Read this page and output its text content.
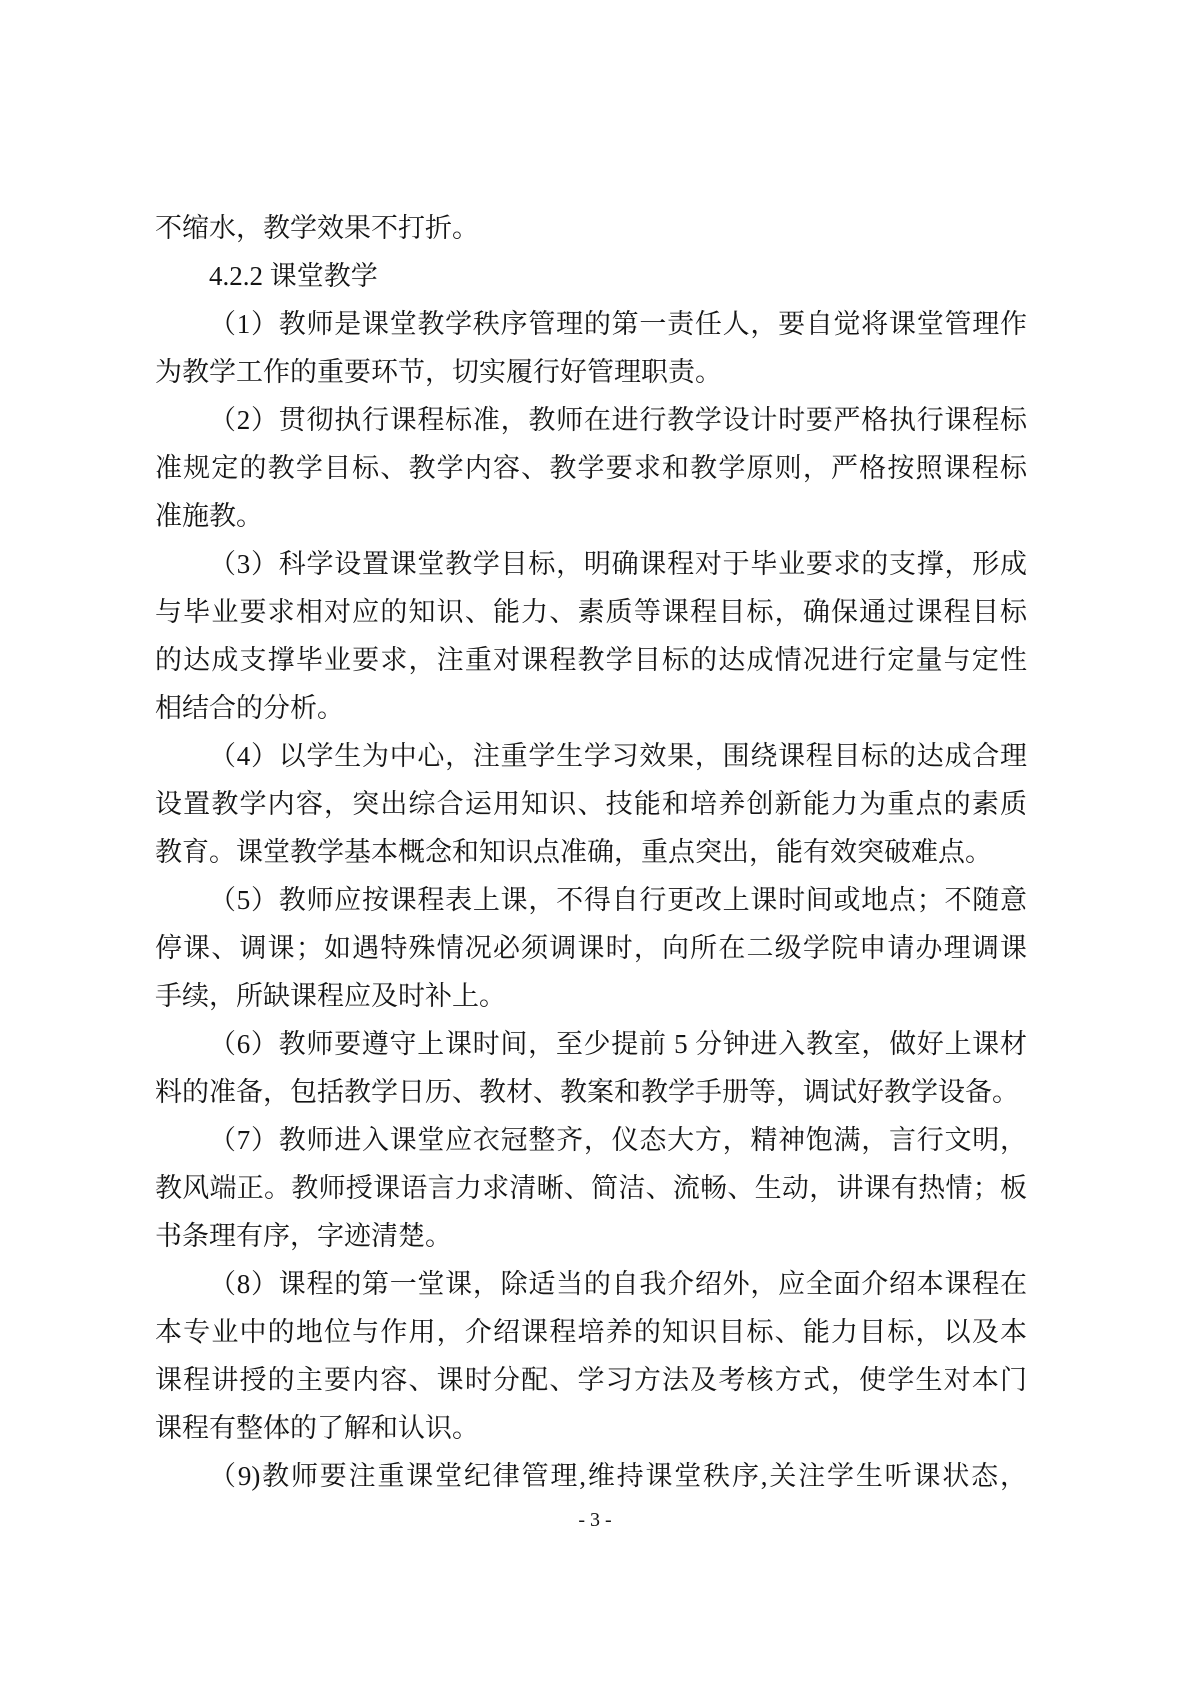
不缩水，教学效果不打折。
4.2.2 课堂教学
（1）教师是课堂教学秩序管理的第一责任人，要自觉将课堂管理作
为教学工作的重要环节，切实履行好管理职责。
（2）贯彻执行课程标准，教师在进行教学设计时要严格执行课程标
准规定的教学目标、教学内容、教学要求和教学原则，严格按照课程标
准施教。
（3）科学设置课堂教学目标，明确课程对于毕业要求的支撑，形成
与毕业要求相对应的知识、能力、素质等课程目标，确保通过课程目标
的达成支撑毕业要求，注重对课程教学目标的达成情况进行定量与定性
相结合的分析。
（4）以学生为中心，注重学生学习效果，围绕课程目标的达成合理
设置教学内容，突出综合运用知识、技能和培养创新能力为重点的素质
教育。课堂教学基本概念和知识点准确，重点突出，能有效突破难点。
（5）教师应按课程表上课，不得自行更改上课时间或地点；不随意
停课、调课；如遇特殊情况必须调课时，向所在二级学院申请办理调课
手续，所缺课程应及时补上。
（6）教师要遵守上课时间，至少提前 5 分钟进入教室，做好上课材
料的准备，包括教学日历、教材、教案和教学手册等，调试好教学设备。
（7）教师进入课堂应衣冠整齐，仪态大方，精神饱满，言行文明，
教风端正。教师授课语言力求清晰、简洁、流畅、生动，讲课有热情；板
书条理有序，字迹清楚。
（8）课程的第一堂课，除适当的自我介绍外，应全面介绍本课程在
本专业中的地位与作用，介绍课程培养的知识目标、能力目标，以及本
课程讲授的主要内容、课时分配、学习方法及考核方式，使学生对本门
课程有整体的了解和认识。
（9)教师要注重课堂纪律管理,维持课堂秩序,关注学生听课状态，
- 3 -
